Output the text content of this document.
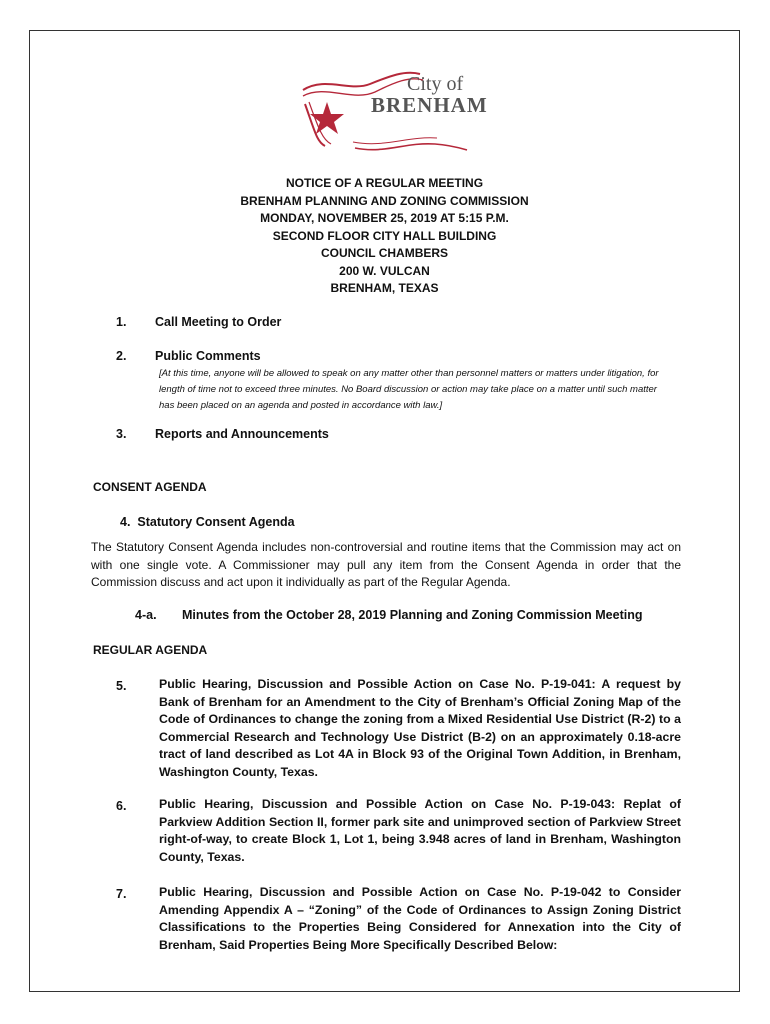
City of
BRENHAM
NOTICE OF A REGULAR MEETING
BRENHAM PLANNING AND ZONING COMMISSION
MONDAY, NOVEMBER 25, 2019 AT 5:15 P.M.
SECOND FLOOR CITY HALL BUILDING
COUNCIL CHAMBERS
200 W. VULCAN
BRENHAM, TEXAS
1. Call Meeting to Order
2. Public Comments
[At this time, anyone will be allowed to speak on any matter other than personnel matters or matters under litigation, for length of time not to exceed three minutes. No Board discussion or action may take place on a matter until such matter has been placed on an agenda and posted in accordance with law.]
3. Reports and Announcements
CONSENT AGENDA
4.  Statutory Consent Agenda
The Statutory Consent Agenda includes non-controversial and routine items that the Commission may act on with one single vote. A Commissioner may pull any item from the Consent Agenda in order that the Commission discuss and act upon it individually as part of the Regular Agenda.
4-a. Minutes from the October 28, 2019 Planning and Zoning Commission Meeting
REGULAR AGENDA
5.	Public Hearing, Discussion and Possible Action on Case No. P-19-041: A request by Bank of Brenham for an Amendment to the City of Brenham’s Official Zoning Map of the Code of Ordinances to change the zoning from a Mixed Residential Use District (R-2) to a Commercial Research and Technology Use District (B-2) on an approximately 0.18-acre tract of land described as Lot 4A in Block 93 of the Original Town Addition, in Brenham, Washington County, Texas.
6.	Public Hearing, Discussion and Possible Action on Case No. P-19-043: Replat of Parkview Addition Section II, former park site and unimproved section of Parkview Street right-of-way, to create Block 1, Lot 1, being 3.948 acres of land in Brenham, Washington County, Texas.
7.	Public Hearing, Discussion and Possible Action on Case No. P-19-042 to Consider Amending Appendix A – “Zoning” of the Code of Ordinances to Assign Zoning District Classifications to the Properties Being Considered for Annexation into the City of Brenham, Said Properties Being More Specifically Described Below:
